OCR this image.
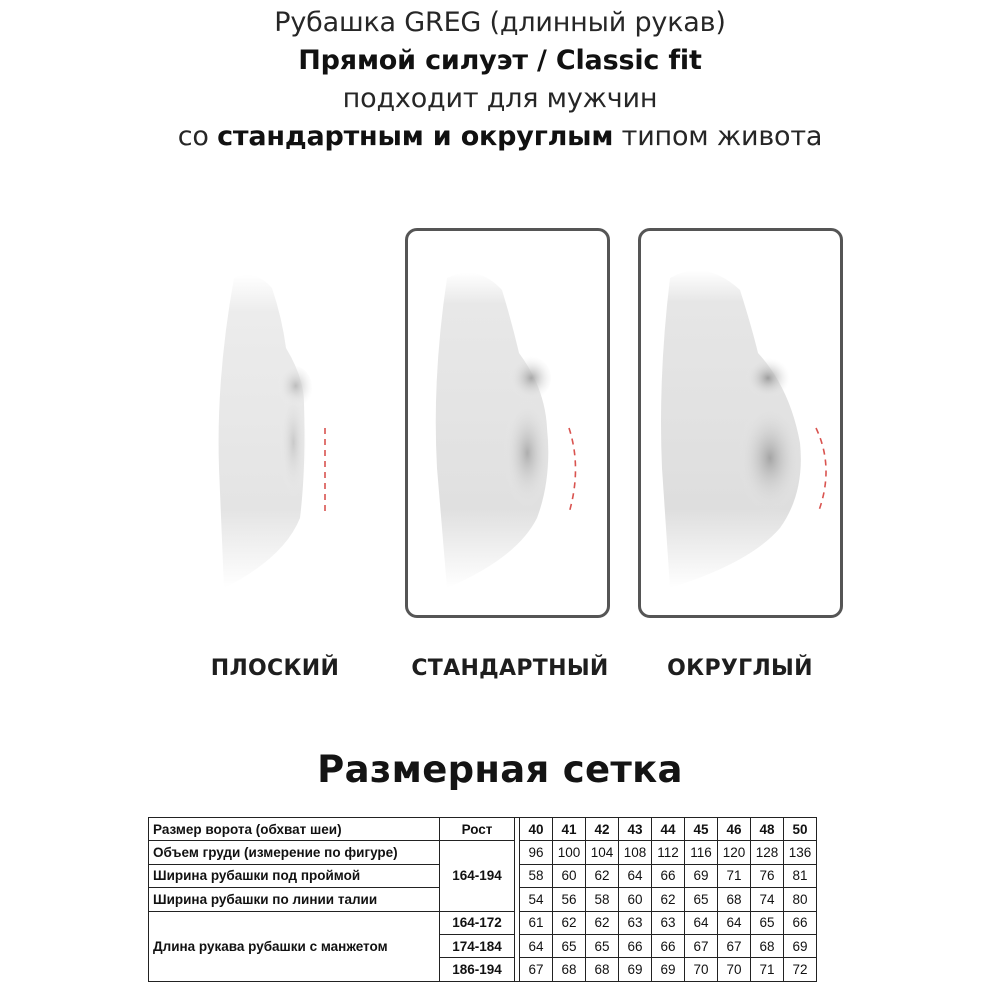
Рубашка GREG (длинный рукав)
Прямой силуэт / Classic fit
подходит для мужчин
со стандартным и округлым типом живота
ПЛОСКИЙ	СТАНДАРТНЫЙ	ОКРУГЛЫЙ
Размерная сетка
Размер ворота (обхват шеи)	Рост		40	41	42	43	44	45	46	48	50
Объем груди (измерение по фигуре)	164-194		96	100	104	108	112	116	120	128	136
Ширина рубашки под проймой			58	60	62	64	66	69	71	76	81
Ширина рубашки по линии талии			54	56	58	60	62	65	68	74	80
Длина рукава рубашки с манжетом	164-172		61	62	62	63	63	64	64	65	66
	174-184		64	65	65	66	66	67	67	68	69
	186-194		67	68	68	69	69	70	70	71	72
